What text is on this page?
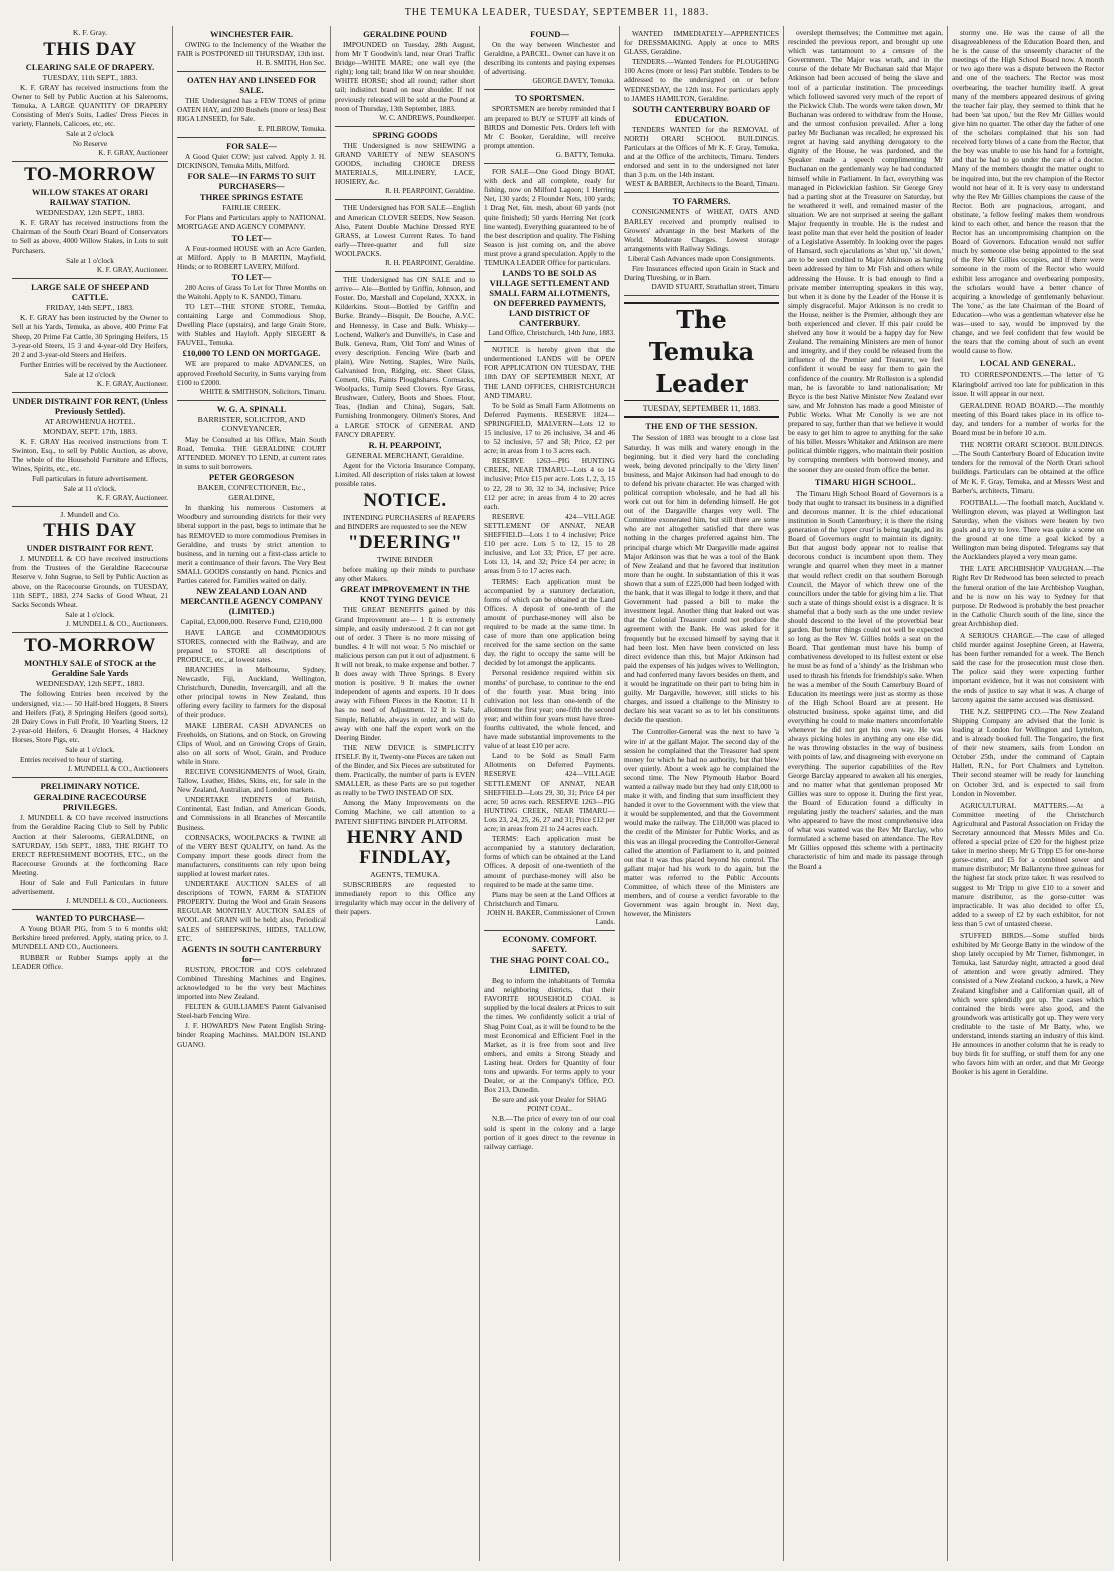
THE TEMUKA LEADER, TUESDAY, SEPTEMBER 11, 1883.
K. F. Gray.
THIS DAY
CLEARING SALE OF DRAPERY.
TUESDAY, 11th SEPT., 1883.
K. F. GRAY has received instructions from the Owner to Sell by Public Auction at his Salerooms, Temuka, A LARGE QUANTITY OF DRAPERY Consisting of Men's Suits, Ladies' Dress Pieces in variety, Flannels, Calicoes, etc, etc.
Sale at 2 o'clock
No Reserve
K. F. GRAY, Auctioneer
TO-MORROW
WILLOW STAKES AT ORARI RAILWAY STATION.
WEDNESDAY, 12th SEPT., 1883.
K. F. GRAY has received instructions from the Chairman of the South Orari Board of Conservators to Sell as above, 4000 Willow Stakes, in Lots to suit Purchasers.
Sale at 1 o'clock
K. F. GRAY, Auctioneer.
LARGE SALE OF SHEEP AND CATTLE.
FRIDAY, 14th SEPT., 1883.
K. F. GRAY has been instructed by the Owner to Sell at his Yards, Temuka, as above, 400 Prime Fat Sheep, 20 Prime Fat Cattle, 30 Springing Heifers, 15 3-year-old Steers, 15 3 and 4-year-old Dry Heifers, 20 2 and 3-year-old Steers and Heifers.
Further Entries will be received by the Auctioneer.
Sale at 12 o'clock
K. F. GRAY, Auctioneer.
UNDER DISTRAINT FOR RENT, (Unless Previously Settled).
AT AROWHENUA HOTEL.
MONDAY, SEPT. 17th, 1883.
K. F. GRAY Has received instructions from T. Swinton, Esq., to sell by Public Auction, as above, The whole of the Household Furniture and Effects, Wines, Spirits, etc., etc.
Full particulars in future advertisement.
Sale at 11 o'clock.
K. F. GRAY, Auctioneer.
J. Mundell and Co.
THIS DAY
UNDER DISTRAINT FOR RENT.
J. MUNDELL & CO have received instructions from the Trustees of the Geraldine Racecourse Reserve v. John Sugrue, to Sell by Public Auction as above, on the Racecourse Grounds, on TUESDAY, 11th SEPT., 1883, 274 Sacks of Good Wheat, 21 Sacks Seconds Wheat.
Sale at 1 o'clock.
J. MUNDELL & CO., Auctioneers.
TO-MORROW
MONTHLY SALE of STOCK at the Geraldine Sale Yards
WEDNESDAY, 12th SEPT., 1883.
The following Entries been received by the undersigned, viz.:— 50 Half-bred Hoggets, 8 Steers and Heifers (Fat), 8 Springing Heifers (good sorts), 28 Dairy Cows in Full Profit, 10 Yearling Steers, 12 2-year-old Heifers, 6 Draught Horses, 4 Hackney Horses, Store Pigs, etc.
Sale at 1 o'clock.
Entries received to hour of starting.
J. MUNDELL & CO., Auctioneers
PRELIMINARY NOTICE.
GERALDINE RACECOURSE PRIVILEGES.
J. MUNDELL & CO have received instructions from the Geraldine Racing Club to Sell by Public Auction at their Salerooms, GERALDINE, on SATURDAY, 15th SEPT., 1883, THE RIGHT TO ERECT REFRESHMENT BOOTHS, ETC., on the Racecourse Grounds at the forthcoming Race Meeting.
Hour of Sale and Full Particulars in future advertisement.
J. MUNDELL & CO., Auctioneers.
WANTED TO PURCHASE—
A Young BOAR PIG, from 5 to 6 months old; Berkshire breed preferred. Apply, stating price, to J. MUNDELL AND CO., Auctioneers.
RUBBER or Rubber Stamps apply at the LEADER Office.
WINCHESTER FAIR.
OWING to the Inclemency of the Weather the FAIR is POSTPONED till THURSDAY, 13th inst.
H. B. SMITH, Hon Sec.
OATEN HAY AND LINSEED FOR SALE.
THE Undersigned has a FEW TONS of prime OATEN HAY, and 200 Bushels (more or less) Best RIGA LINSEED, for Sale.
E. PILBROW, Temuka.
FOR SALE—
A Good Quiet COW; just calved. Apply J. H. DICKINSON, Temuka Mills, Milford.
FOR SALE—IN FARMS TO SUIT PURCHASERS—
THREE SPRINGS ESTATE
FAIRLIE CREEK.
For Plans and Particulars apply to NATIONAL MORTGAGE AND AGENCY COMPANY.
TO LET—
A Four-roomed HOUSE with an Acre Garden, at Milford. Apply to B MARTIN, Mayfield, Hinds; or to ROBERT LAVERY, Milford.
TO LET—
280 Acres of Grass To Let for Three Months on the Waitohi. Apply to K. SANDO, Timaru.
TO LET—THE STONE STORE, Temuka, containing Large and Commodious Shop, Dwelling Place (upstairs), and large Grain Store, with Stables and Hayloft. Apply SIEGERT & FAUVEL, Temuka.
£10,000 TO LEND ON MORTGAGE.
WE are prepared to make ADVANCES, on approved Freehold Security, in Sums varying from £100 to £2000.
WHITE & SMITHSON, Solicitors, Timaru.
W. G. A. SPINALL
BARRISTER, SOLICITOR, AND CONVEYANCER,
May be Consulted at his Office, Main South Road, Temuka. THE GERALDINE COURT ATTENDED. MONEY TO LEND, at current rates in sums to suit borrowers.
PETER GEORGESON
BAKER, CONFECTIONER, Etc., GERALDINE,
In thanking his numerous Customers at Woodbury and surrounding districts for their very liberal support in the past, begs to intimate that he has REMOVED to more commodious Premises in Geraldine, and trusts by strict attention to business, and in turning out a first-class article to merit a continuance of their favors. The Very Best SMALL GOODS constantly on hand. Picnics and Parties catered for. Families waited on daily.
NEW ZEALAND LOAN AND MERCANTILE AGENCY COMPANY (LIMITED.)
Capital, £3,000,000. Reserve Fund, £210,000
HAVE LARGE and COMMODIOUS STORES, connected with the Railway, and are prepared to STORE all descriptions of PRODUCE, etc., at lowest rates.
BRANCHES in Melbourne, Sydney, Newcastle, Fiji, Auckland, Wellington, Christchurch, Dunedin, Invercargill, and all the other principal towns in New Zealand, thus offering every facility to farmers for the disposal of their produce.
MAKE LIBERAL CASH ADVANCES on Freeholds, on Stations, and on Stock, on Growing Clips of Wool, and on Growing Crops of Grain, also on all sorts of Wool, Grain, and Produce while in Store.
RECEIVE CONSIGNMENTS of Wool, Grain, Tallow, Leather, Hides, Skins, etc, for sale in the New Zealand, Australian, and London markets.
UNDERTAKE INDENTS of British, Continental, East Indian, and American Goods, and Commissions in all Branches of Mercantile Business.
CORNSACKS, WOOLPACKS & TWINE all of the VERY BEST QUALITY, on hand. As the Company import these goods direct from the manufacturers, constituents can rely upon being supplied at lowest market rates.
UNDERTAKE AUCTION SALES of all descriptions of TOWN, FARM & STATION PROPERTY. During the Wool and Grain Seasons REGULAR MONTHLY AUCTION SALES of WOOL and GRAIN will be held; also, Periodical SALES of SHEEPSKINS, HIDES, TALLOW, ETC.
AGENTS IN SOUTH CANTERBURY for—
RUSTON, PROCTOR and CO'S celebrated Combined Threshing Machines and Engines, acknowledged to be the very best Machines imported into New Zealand.
FELTEN & GUILLIAME'S Patent Galvanised Steel-barb Fencing Wire.
J. F. HOWARD'S New Patent English String-binder Reaping Machines. MALDON ISLAND GUANO.
GERALDINE POUND
IMPOUNDED on Tuesday, 28th August, from Mr T Goodwin's land, near Orari Traffic Bridge—WHITE MARE; one wall eye (the right); long tail; brand like W on near shoulder. WHITE HORSE; shod all round; rather short tail; indistinct brand on near shoulder. If not previously released will be sold at the Pound at noon of Thursday, 13th September, 1883.
W. C. ANDREWS, Poundkeeper.
SPRING GOODS
THE Undersigned is now SHEWING a GRAND VARIETY of NEW SEASON'S GOODS, including CHOICE DRESS MATERIALS, MILLINERY, LACE, HOSIERY, &c.
R. H. PEARPOINT, Geraldine.
THE Undersigned has FOR SALE—English and American CLOVER SEEDS, New Season. Also, Patent Double Machine Dressed RYE GRASS, at Lowest Current Rates. To hand early—Three-quarter and full size WOOLPACKS.
R. H. PEARPOINT, Geraldine.
THE Undersigned has ON SALE and to arrive— Ale—Bottled by Griffin, Johnson, and Foster. Do, Marshall and Copeland, XXXX, in Kilderkins. Stout—Bottled by Griffin and Burke. Brandy—Bisquit, De Bouche, A.V.C. and Hennessy, in Case and Bulk. Whisky—Lochend, Walker's and Dunville's, in Case and Bulk. Geneva, Rum, 'Old Tom' and Wines of every description. Fencing Wire (barb and plain), Wire Netting. Staples, Wire Nails, Galvanised Iron, Ridging, etc. Sheet Glass, Cement, Oils, Paints Ploughshares. Cornsacks, Woolpacks, Turnip Seed Clovers. Rye Grass, Brushware, Cutlery, Boots and Shoes. Flour, Teas, (Indian and China), Sugars, Salt. Furnishing Ironmongery. Oilmen's Stores, And a LARGE STOCK of GENERAL AND FANCY DRAPERY.
R. H. PEARPOINT,
GENERAL MERCHANT, Geraldine.
Agent for the Victoria Insurance Company, Limited. All description of risks taken at lowest possible rates.
NOTICE.
INTENDING PURCHASERS of REAPERS and BINDERS are requested to see the NEW
"DEERING"
TWINE BINDER
before making up their minds to purchase any other Makers.
GREAT IMPROVEMENT IN THE KNOT TYING DEVICE
THE GREAT BENEFITS gained by this Grand Improvement are— 1 It is extremely simple, and easily understood. 2 It can not get out of order. 3 There is no more missing of bundles. 4 It will not wear. 5 No mischief or malicious person can put it out of adjustment. 6 It will not break, to make expense and bother. 7 It does away with Three Springs. 8 Every motion is positive. 9 It makes the owner independent of agents and experts. 10 It does away with Fifteen Pieces in the Knotter. 11 It has no need of Adjustment. 12 It is Safe, Simple, Reliable, always in order, and will do away with one half the expert work on the Deering Binder.
THE NEW DEVICE is SIMPLICITY ITSELF. By it, Twenty-one Pieces are taken out of the Binder, and Six Pieces are substituted for them. Practically, the number of parts is EVEN SMALLER, as these Parts are so put together as really to be TWO INSTEAD OF SIX.
Among the Many Improvements on the Coming Machine, we call attention to a PATENT SHIFTING BINDER PLATFORM.
HENRY AND FINDLAY,
AGENTS, TEMUKA.
SUBSCRIBERS are requested to immediately report to this Office any irregularity which may occur in the delivery of their papers.
FOUND—
On the way between Winchester and Geraldine, a PARCEL. Owner can have it on describing its contents and paying expenses of advertising.
GEORGE DAVEY, Temuka.
TO SPORTSMEN.
SPORTSMEN are hereby reminded that I am prepared to BUY or STUFF all kinds of BIRDS and Domestic Pets. Orders left with Mr C Booker, Geraldine, will receive prompt attention.
G. BATTY, Temuka.
FOR SALE—One Good Dingy BOAT, with deck and all complete, ready for fishing, now on Milford Lagoon; 1 Herring Net, 130 yards; 2 Flounder Nets, 100 yards; 1 Drag Net, 6in. mesh, about 60 yards (not quite finished); 50 yards Herring Net (cork line wanted). Everything guaranteed to be of the best description and quality. The Fishing Season is just coming on, and the above must prove a grand speculation. Apply to the TEMUKA LEADER Office for particulars.
LANDS TO BE SOLD AS VILLAGE SETTLEMENT AND SMALL FARM ALLOTMENTS, ON DEFERRED PAYMENTS, LAND DISTRICT OF CANTERBURY.
Land Office, Christchurch, 14th June, 1883.
NOTICE is hereby given that the undermentioned LANDS will be OPEN FOR APPLICATION ON TUESDAY, THE 18th DAY OF SEPTEMBER NEXT, AT THE LAND OFFICES, CHRISTCHURCH AND TIMARU.
To be Sold as Small Farm Allotments on Deferred Payments. RESERVE 1824—SPRINGFIELD, MALVERN—Lots 12 to 15 inclusive, 17 to 26 inclusive, 34 and 46 to 52 inclusive, 57 and 58; Price, £2 per acre; in areas from 1 to 3 acres each.
RESERVE 1263—PIG HUNTING CREEK, NEAR TIMARU—Lots 4 to 14 inclusive; Price £15 per acre. Lots 1, 2, 3, 15 to 22, 28 to 30, 32 to 34, inclusive; Price £12 per acre; in areas from 4 to 20 acres each.
RESERVE 424—VILLAGE SETTLEMENT OF ANNAT, NEAR SHEFFIELD—Lots 1 to 4 inclusive; Price £10 per acre. Lots 5 to 12, 15 to 28 inclusive, and Lot 33; Price, £7 per acre. Lots 13, 14, and 32; Price £4 per acre; in areas from 5 to 17 acres each.
TERMS: Each application must be accompanied by a statutory declaration, forms of which can be obtained at the Land Offices. A deposit of one-tenth of the amount of purchase-money will also be required to be made at the same time. In case of more than one application being received for the same section on the same day, the right to occupy the same will be decided by lot amongst the applicants.
Personal residence required within six months' of purchase, to continue to the end of the fourth year. Must bring into cultivation not less than one-tenth of the allotment the first year; one-fifth the second year; and within four years must have three-fourths cultivated, the whole fenced, and have made substantial improvements to the value of at least £10 per acre.
Land to be Sold as Small Farm Allotments on Deferred Payments. RESERVE 424—VILLAGE SETTLEMENT OF ANNAT, NEAR SHEFFIELD—Lots 29, 30, 31; Price £4 per acre; 50 acres each. RESERVE 1263—PIG HUNTING CREEK, NEAR TIMARU—Lots 23, 24, 25, 26, 27 and 31; Price £12 per acre; in areas from 21 to 24 acres each.
TERMS: Each application must be accompanied by a statutory declaration, forms of which can be obtained at the Land Offices. A deposit of one-twentieth of the amount of purchase-money will also be required to be made at the same time.
Plans may be seen at the Land Offices at Christchurch and Timaru.
JOHN H. BAKER, Commissioner of Crown Lands.
ECONOMY. COMFORT. SAFETY.
THE SHAG POINT COAL CO., LIMITED,
Beg to inform the inhabitants of Temuka and neighboring districts, that their FAVORITE HOUSEHOLD COAL is supplied by the local dealers at Prices to suit the times. We confidently solicit a trial of Shag Point Coal, as it will be found to be the most Economical and Efficient Fuel in the Market, as it is free from soot and live embers, and emits a Strong Steady and Lasting heat. Orders for Quantity of four tons and upwards. For terms apply to your Dealer, or at the Company's Office, P.O. Box 213, Dunedin.
Be sure and ask your Dealer for SHAG POINT COAL.
N.B.—The price of every ton of our coal sold is spent in the colony and a large portion of it goes direct to the revenue in railway carriage.
WANTED IMMEDIATELY—APPRENTICES for DRESSMAKING. Apply at once to MRS GLASS, Geraldine.
TENDERS.—Wanted Tenders for PLOUGHING 100 Acres (more or less) Part stubble. Tenders to be addressed to the undersigned on or before WEDNESDAY, the 12th inst. For particulars apply to JAMES HAMILTON, Geraldine.
SOUTH CANTERBURY BOARD OF EDUCATION.
TENDERS WANTED for the REMOVAL of NORTH ORARI SCHOOL BUILDINGS. Particulars at the Offices of Mr K. F. Gray, Temuka, and at the Office of the architects, Timaru. Tenders endorsed and sent in to the undersigned not later than 3 p.m. on the 14th instant.
WEST & BARBER, Architects to the Board, Timaru.
TO FARMERS.
CONSIGNMENTS of WHEAT, OATS AND BARLEY received and promptly realised to Growers' advantage in the best Markets of the World. Moderate Charges. Lowest storage arrangements with Railway Sidings.
Liberal Cash Advances made upon Consignments.
Fire Insurances effected upon Grain in Stack and During Threshing, or in Barn.
DAVID STUART, Strathallan street, Timaru
The Temuka Leader
TUESDAY, SEPTEMBER 11, 1883.
THE END OF THE SESSION.
The Session of 1883 was brought to a close last Saturday. It was milk and watery enough in the beginning, but it died very hard the concluding week, being devoted principally to the 'dirty linen' business, and Major Atkinson had had enough to do to defend his private character. He was charged with political corruption wholesale, and he had all his work cut out for him in defending himself. He got out of the Dargaville charges very well. The Committee exonerated him, but still there are some who are not altogether satisfied that there was nothing in the charges preferred against him. The principal charge which Mr Dargaville made against Major Atkinson was that he was a tool of the Bank of New Zealand and that he favored that institution more than he ought. In substantiation of this it was shown that a sum of £225,000 had been lodged with the bank, that it was illegal to lodge it there, and that Government had passed a bill to make the investment legal. Another thing that leaked out was that the Colonial Treasurer could not produce the agreement with the Bank. He was asked for it frequently but he excused himself by saying that it had been lost. Men have been convicted on less direct evidence than this, but Major Atkinson had paid the expenses of his judges wives to Wellington, and had conferred many favors besides on them, and it would be ingratitude on their part to bring him in guilty. Mr Dargaville, however, still sticks to his charges, and issued a challenge to the Ministry to declare his seat vacant so as to let his constituents decide the question.
The Controller-General was the next to have 'a wire in' at the gallant Major. The second day of the session he complained that the Treasurer had spent money for which he had no authority, but that blew over quietly. About a week ago he complained the second time. The New Plymouth Harbor Board wanted a railway made but they had only £18,000 to make it with, and finding that sum insufficient they handed it over to the Government with the view that it would be supplemented, and that the Government would make the railway. The £18,000 was placed to the credit of the Minister for Public Works, and as this was an illegal proceeding the Controller-General called the attention of Parliament to it, and pointed out that it was thus placed beyond his control. The gallant major had his work to do again, but the matter was referred to the Public Accounts Committee, of which three of the Ministers are members, and of course a verdict favorable to the Government was again brought in. Next day, however, the Ministers
overslept themselves; the Committee met again, rescinded the previous report, and brought up one which was tantamount to a censure of the Government. The Major was wrath, and in the course of the debate Mr Buchanan said that Major Atkinson had been accused of being the slave and tool of a particular institution. The proceedings which followed savored very much of the report of the Pickwick Club. The words were taken down, Mr Buchanan was ordered to withdraw from the House, and the utmost confusion prevailed. After a long parley Mr Buchanan was recalled; he expressed his regret at having said anything derogatory to the dignity of the House, he was pardoned, and the Speaker made a speech complimenting Mr Buchanan on the gentlemanly way he had conducted himself while in Parliament. In fact, everything was managed in Pickwickian fashion. Sir George Grey had a parting shot at the Treasurer on Saturday, but he weathered it well, and remained master of the situation. We are not surprised at seeing the gallant Major frequently in trouble. He is the rudest and least polite man that ever held the position of leader of a Legislative Assembly. In looking over the pages of Hansard, such ejaculations as 'shut up,' 'sit down,' are to be seen credited to Major Atkinson as having been addressed by him to Mr Fish and others while addressing the House. It is bad enough to find a private member interrupting speakers in this way, but when it is done by the Leader of the House it is simply disgraceful. Major Atkinson is no credit to the House, neither is the Premier, although they are both experienced and clever. If this pair could be shelved any how it would be a happy day for New Zealand. The remaining Ministers are men of honor and integrity, and if they could be released from the influence of the Premier and Treasurer, we feel confident it would be easy for them to gain the confidence of the country. Mr Rolleston is a splendid man, he is favorable to land nationalisation; Mr Bryce is the best Native Minister New Zealand ever saw, and Mr Johnston has made a good Minister of Public Works. What Mr Conolly is we are not prepared to say, further than that we believe it would be easy to get him to agree to anything for the sake of his billet. Messrs Whitaker and Atkinson are mere political thimble riggers, who maintain their position by corrupting members with borrowed money, and the sooner they are ousted from office the better.
TIMARU HIGH SCHOOL.
The Timaru High School Board of Governors is a body that ought to transact its business in a dignified and decorous manner. It is the chief educational institution in South Canterbury; it is there the rising generation of the 'upper crust' is being taught, and its Board of Governors ought to maintain its dignity. But that august body appear not to realise that decorous conduct is incumbent upon them. They wrangle and quarrel when they meet in a manner that would reflect credit on that southern Borough Council, the Mayor of which threw one of the councillors under the table for giving him a lie. That such a state of things should exist is a disgrace. It is shameful that a body such as the one under review should descend to the level of the proverbial bear garden. But better things could not well be expected so long as the Rev W. Gillies holds a seat on the Board. That gentleman must have his bump of combativeness developed to its fullest extent or else he must be as fond of a 'shindy' as the Irishman who used to thrash his friends for friendship's sake. When he was a member of the South Canterbury Board of Education its meetings were just as stormy as those of the High School Board are at present. He obstructed business, spoke against time, and did everything he could to make matters uncomfortable whenever he did not get his own way. He was always picking holes in anything any one else did, he was throwing obstacles in the way of business with points of law, and disagreeing with everyone on everything. The superior capabilities of the Rev George Barclay appeared to awaken all his energies, and no matter what that gentleman proposed Mr Gillies was sure to oppose it. During the first year, the Board of Education found a difficulty in regulating justly the teachers' salaries, and the man who appeared to have the most comprehensive idea of what was wanted was the Rev Mr Barclay, who formulated a scheme based on attendance. The Rev Mr Gillies opposed this scheme with a pertinacity characteristic of him and made its passage through the Board a
stormy one. He was the cause of all the disagreeableness of the Education Board then, and he is the cause of the unseemly character of the meetings of the High School Board now. A month or two ago there was a dispute between the Rector and one of the teachers. The Rector was most overbearing, the teacher humility itself. A great many of the members appeared desirous of giving the teacher fair play, they seemed to think that he had been 'sat upon,' but the Rev Mr Gillies would give him no quarter. The other day the father of one of the scholars complained that his son had received forty blows of a cane from the Rector, that the boy was unable to use his hand for a fortnight, and that he had to go under the care of a doctor. Many of the members thought the matter ought to be inquired into, but the rev champion of the Rector would not hear of it. It is very easy to understand why the Rev Mr Gillies champions the cause of the Rector. Both are pugnacious, arrogant, and obstinate, 'a fellow feeling' makes them wondrous kind to each other, and hence the reason that the Rector has an uncompromising champion on the Board of Governors. Education would not suffer much by someone else being appointed to the seat of the Rev Mr Gillies occupies, and if there were someone in the room of the Rector who would exhibit less arrogance and overbearing pomposity, the scholars would have a better chance of acquiring a knowledge of gentlemanly behaviour. The 'tone,' as the late Chairman of the Board of Education—who was a gentleman whatever else he was—used to say, would be improved by the change, and we feel confident that few would be the tears that the coming about of such an event would cause to flow.
LOCAL AND GENERAL.
TO CORRESPONDENTS.—The letter of 'G Klaringbold' arrived too late for publication in this issue. It will appear in our next.
GERALDINE ROAD BOARD.—The monthly meeting of this Board takes place in its office to-day, and tenders for a number of works for the Board must be in before 10 a.m.
THE NORTH ORARI SCHOOL BUILDINGS.—The South Canterbury Board of Education invite tenders for the removal of the North Orari school buildings. Particulars can be obtained at the office of Mr K. F. Gray, Temuka, and at Messrs West and Barber's, architects, Timaru.
FOOTBALL.—The football match, Auckland v. Wellington eleven, was played at Wellington last Saturday, when the visitors were beaten by two goals and a try to love. There was quite a scene on the ground at one time a goal kicked by a Wellington man being disputed. Telegrams say that the Aucklanders played a very mean game.
THE LATE ARCHBISHOP VAUGHAN.—The Right Rev Dr Redwood has been selected to preach the funeral oration of the late Archbishop Vaughan, and he is now on his way to Sydney for that purpose. Dr Redwood is probably the best preacher in the Catholic Church south of the line, since the great Archbishop died.
A SERIOUS CHARGE.—The case of alleged child murder against Josephine Green, at Hawera, has been further remanded for a week. The Bench said the case for the prosecution must close then. The police said they were expecting further important evidence, but it was not consistent with the ends of justice to say what it was. A charge of larceny against the same accused was dismissed.
THE N.Z. SHIPPING CO.—The New Zealand Shipping Company are advised that the Ionic is loading at London for Wellington and Lyttelton, and is already booked full. The Tongariro, the first of their new steamers, sails from London on October 25th, under the command of Captain Hallett, R.N., for Port Chalmers and Lyttelton. Their second steamer will be ready for launching on October 3rd, and is expected to sail from London in November.
AGRICULTURAL MATTERS.—At a Committee meeting of the Christchurch Agricultural and Pastoral Association on Friday the Secretary announced that Messrs Miles and Co. offered a special prize of £20 for the highest prize taker in merino sheep; Mr G Tripp £5 for one-horse gorse-cutter, and £5 for a combined sower and manure distributor; Mr Ballantyne three guineas for the highest fat stock prize taker. It was resolved to suggest to Mr Tripp to give £10 to a sower and manure distributor, as the gorse-cutter was impracticable. It was also decided to offer £5, added to a sweep of £2 by each exhibitor, for not less than 5 cwt of untasted cheese.
STUFFED BIRDS.—Some stuffed birds exhibited by Mr George Batty in the window of the shop lately occupied by Mr Turner, fishmonger, in Temuka, last Saturday night, attracted a good deal of attention and were greatly admired. They consisted of a New Zealand cuckoo, a hawk, a New Zealand kingfisher and a Californian quail, all of which were splendidly got up. The cases which contained the birds were also good, and the groundwork was artistically got up. They were very creditable to the taste of Mr Batty, who, we understand, intends starting an industry of this kind. He announces in another column that he is ready to buy birds fit for stuffing, or stuff them for any one who favors him with an order, and that Mr George Booker is his agent in Geraldine.
